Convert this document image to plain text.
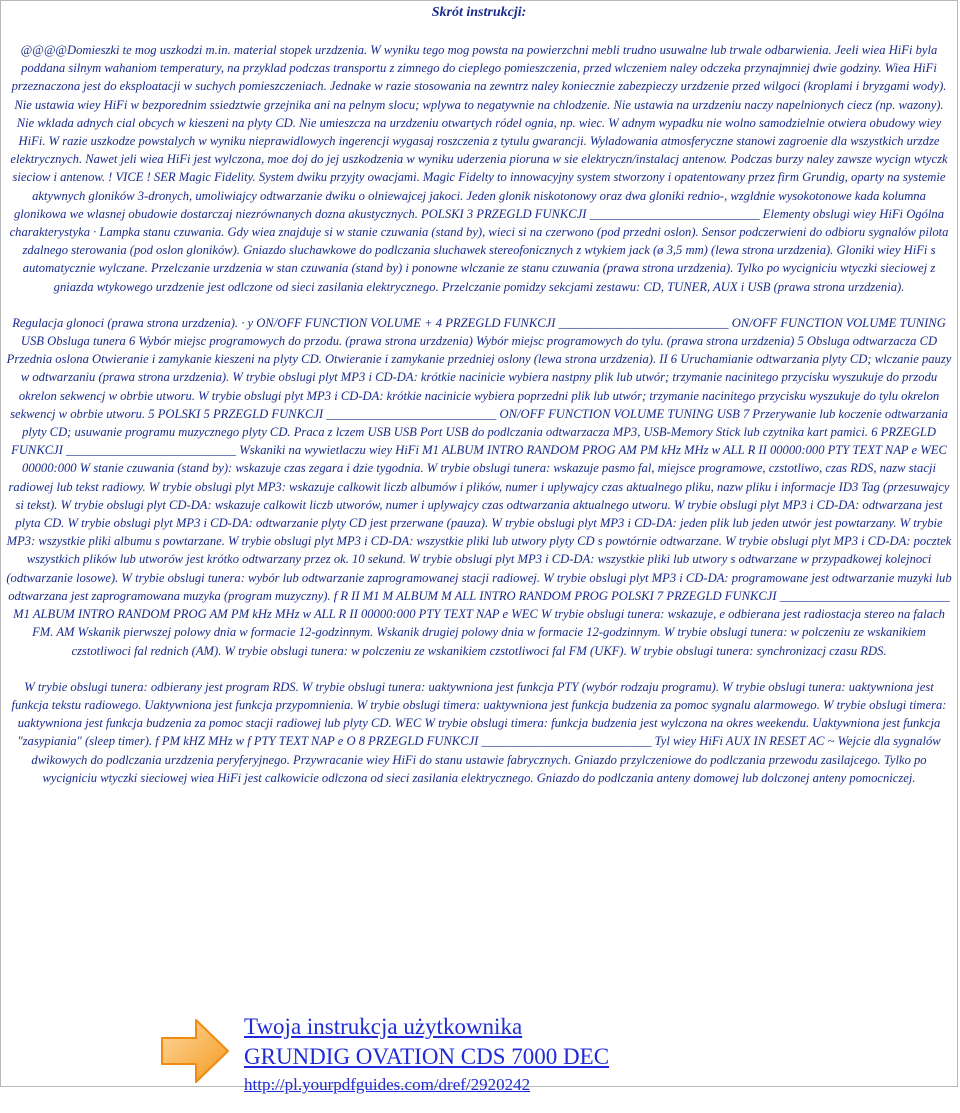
Skrót instrukcji:

@@@@Domieszki te mog uszkodzi m.in. material stopek urzdzenia. W wyniku tego mog powsta na powierzchni mebli trudno usuwalne lub trwale odbarwienia. Jeeli wiea HiFi byla poddana silnym wahaniom temperatury, na przyklad podczas transportu z zimnego do cieplego pomieszczenia, przed wlczeniem naley odczeka przynajmniej dwie godziny. Wiea HiFi przeznaczona jest do eksploatacji w suchych pomieszczeniach. Jednake w razie stosowania na zewntrz naley koniecznie zabezpieczy urzdzenie przed wilgoci (kroplami i bryzgami wody). Nie ustawia wiey HiFi w bezporednim ssiedztwie grzejnika ani na pelnym slocu; wplywa to negatywnie na chlodzenie. Nie ustawia na urzdzeniu naczy napelnionych ciecz (np. wazony). Nie wklada adnych cial obcych w kieszeni na plyty CD. Nie umieszcza na urzdzeniu otwartych ródel ognia, np. wiec. W adnym wypadku nie wolno samodzielnie otwiera obudowy wiey HiFi. W razie uszkodze powstalych w wyniku nieprawidlowych ingerencji wygasaj roszczenia z tytulu gwarancji. Wyladowania atmosferyczne stanowi zagroenie dla wszystkich urzdze elektrycznych. Nawet jeli wiea HiFi jest wylczona, moe doj do jej uszkodzenia w wyniku uderzenia pioruna w sie elektryczn/instalacj antenow. Podczas burzy naley zawsze wycign wtyczk sieciow i antenow. ! VICE ! SER Magic Fidelity. System dwiku przyjty owacjami. Magic Fidelty to innowacyjny system stworzony i opatentowany przez firm Grundig, oparty na systemie aktywnych gloników 3-dronych, umoliwiajcy odtwarzanie dwiku o olniewajcej jakoci. Jeden glonik niskotonowy oraz dwa gloniki rednio-, wzgldnie wysokotonowe kada kolumna glonikowa we wlasnej obudowie dostarczaj niezrównanych dozna akustycznych. POLSKI 3 PRZEGLD FUNKCJI ___________________________ Elementy obslugi wiey HiFi Ogólna charakterystyka · Lampka stanu czuwania. Gdy wiea znajduje si w stanie czuwania (stand by), wieci si na czerwono (pod przedni oslon). Sensor podczerwieni do odbioru sygnalów pilota zdalnego sterowania (pod oslon gloników). Gniazdo sluchawkowe do podlczania sluchawek stereofonicznych z wtykiem jack (ø 3,5 mm) (lewa strona urzdzenia). Gloniki wiey HiFi s automatycznie wylczane. Przelczanie urzdzenia w stan czuwania (stand by) i ponowne wlczanie ze stanu czuwania (prawa strona urzdzenia). Tylko po wycigniciu wtyczki sieciowej z gniazda wtykowego urzdzenie jest odlczone od sieci zasilania elektrycznego. Przelczanie pomidzy sekcjami zestawu: CD, TUNER, AUX i USB (prawa strona urzdzenia).

Regulacja glonoci (prawa strona urzdzenia). · y ON/OFF FUNCTION VOLUME + 4 PRZEGLD FUNKCJI ___________________________ ON/OFF FUNCTION VOLUME TUNING USB Obsluga tunera 6 Wybór miejsc programowych do przodu. (prawa strona urzdzenia) Wybór miejsc programowych do tylu. (prawa strona urzdzenia) 5 Obsluga odtwarzacza CD Przednia oslona Otwieranie i zamykanie kieszeni na plyty CD. Otwieranie i zamykanie przedniej oslony (lewa strona urzdzenia). II 6 Uruchamianie odtwarzania plyty CD; wlczanie pauzy w odtwarzaniu (prawa strona urzdzenia). W trybie obslugi plyt MP3 i CD-DA: krótkie nacinicie wybiera nastpny plik lub utwór; trzymanie nacinitego przycisku wyszukuje do przodu okrelon sekwencj w obrbie utworu. W trybie obslugi plyt MP3 i CD-DA: krótkie nacinicie wybiera poprzedni plik lub utwór; trzymanie nacinitego przycisku wyszukuje do tylu okrelon sekwencj w obrbie utworu. 5 POLSKI 5 PRZEGLD FUNKCJI ___________________________ ON/OFF FUNCTION VOLUME TUNING USB 7 Przerywanie lub koczenie odtwarzania plyty CD; usuwanie programu muzycznego plyty CD. Praca z lczem USB USB Port USB do podlczania odtwarzacza MP3, USB-Memory Stick lub czytnika kart pamici. 6 PRZEGLD FUNKCJI ___________________________ Wskaniki na wywietlaczu wiey HiFi M1 ALBUM INTRO RANDOM PROG AM PM kHz MHz w ALL R II 00000:000 PTY TEXT NAP e WEC 00000:000 W stanie czuwania (stand by): wskazuje czas zegara i dzie tygodnia. W trybie obslugi tunera: wskazuje pasmo fal, miejsce programowe, czstotliwo, czas RDS, nazw stacji radiowej lub tekst radiowy. W trybie obslugi plyt MP3: wskazuje calkowit liczb albumów i plików, numer i uplywajcy czas aktualnego pliku, nazw pliku i informacje ID3 Tag (przesuwajcy si tekst). W trybie obslugi plyt CD-DA: wskazuje calkowit liczb utworów, numer i uplywajcy czas odtwarzania aktualnego utworu. W trybie obslugi plyt MP3 i CD-DA: odtwarzana jest plyta CD. W trybie obslugi plyt MP3 i CD-DA: odtwarzanie plyty CD jest przerwane (pauza). W trybie obslugi plyt MP3 i CD-DA: jeden plik lub jeden utwór jest powtarzany. W trybie MP3: wszystkie pliki albumu s powtarzane. W trybie obslugi plyt MP3 i CD-DA: wszystkie pliki lub utwory plyty CD s powtórnie odtwarzane. W trybie obslugi plyt MP3 i CD-DA: pocztek wszystkich plików lub utworów jest krótko odtwarzany przez ok. 10 sekund. W trybie obslugi plyt MP3 i CD-DA: wszystkie pliki lub utwory s odtwarzane w przypadkowej kolejnoci (odtwarzanie losowe). W trybie obslugi tunera: wybór lub odtwarzanie zaprogramowanej stacji radiowej. W trybie obslugi plyt MP3 i CD-DA: programowane jest odtwarzanie muzyki lub odtwarzana jest zaprogramowana muzyka (program muzyczny). f R II M1 M ALBUM M ALL INTRO RANDOM PROG POLSKI 7 PRZEGLD FUNKCJI ___________________________ M1 ALBUM INTRO RANDOM PROG AM PM kHz MHz w ALL R II 00000:000 PTY TEXT NAP e WEC W trybie obslugi tunera: wskazuje, e odbierana jest radiostacja stereo na falach FM. AM Wskanik pierwszej polowy dnia w formacie 12-godzinnym. Wskanik drugiej polowy dnia w formacie 12-godzinnym. W trybie obslugi tunera: w polczeniu ze wskanikiem czstotliwoci fal rednich (AM). W trybie obslugi tunera: w polczeniu ze wskanikiem czstotliwoci fal FM (UKF). W trybie obslugi tunera: synchronizacj czasu RDS.

W trybie obslugi tunera: odbierany jest program RDS. W trybie obslugi tunera: uaktywniona jest funkcja PTY (wybór rodzaju programu). W trybie obslugi tunera: uaktywniona jest funkcja tekstu radiowego. Uaktywniona jest funkcja przypomnienia. W trybie obslugi timera: uaktywniona jest funkcja budzenia za pomoc sygnalu alarmowego. W trybie obslugi timera: uaktywniona jest funkcja budzenia za pomoc stacji radiowej lub plyty CD. WEC W trybie obslugi timera: funkcja budzenia jest wylczona na okres weekendu. Uaktywniona jest funkcja "zasypiania" (sleep timer). f PM kHZ MHz w f PTY TEXT NAP e O 8 PRZEGLD FUNKCJI ___________________________ Tyl wiey HiFi AUX IN RESET AC ~ Wejcie dla sygnalów dwikowych do podlczania urzdzenia peryferyjnego. Przywracanie wiey HiFi do stanu ustawie fabrycznych. Gniazdo przylczeniowe do podlczania przewodu zasilajcego. Tylko po wycigniciu wtyczki sieciowej wiea HiFi jest calkowicie odlczona od sieci zasilania elektrycznego. Gniazdo do podlczania anteny domowej lub dolczonej anteny pomocniczej.

Twoja instrukcja użytkownika
GRUNDIG OVATION CDS 7000 DEC
http://pl.yourpdfguides.com/dref/2920242
